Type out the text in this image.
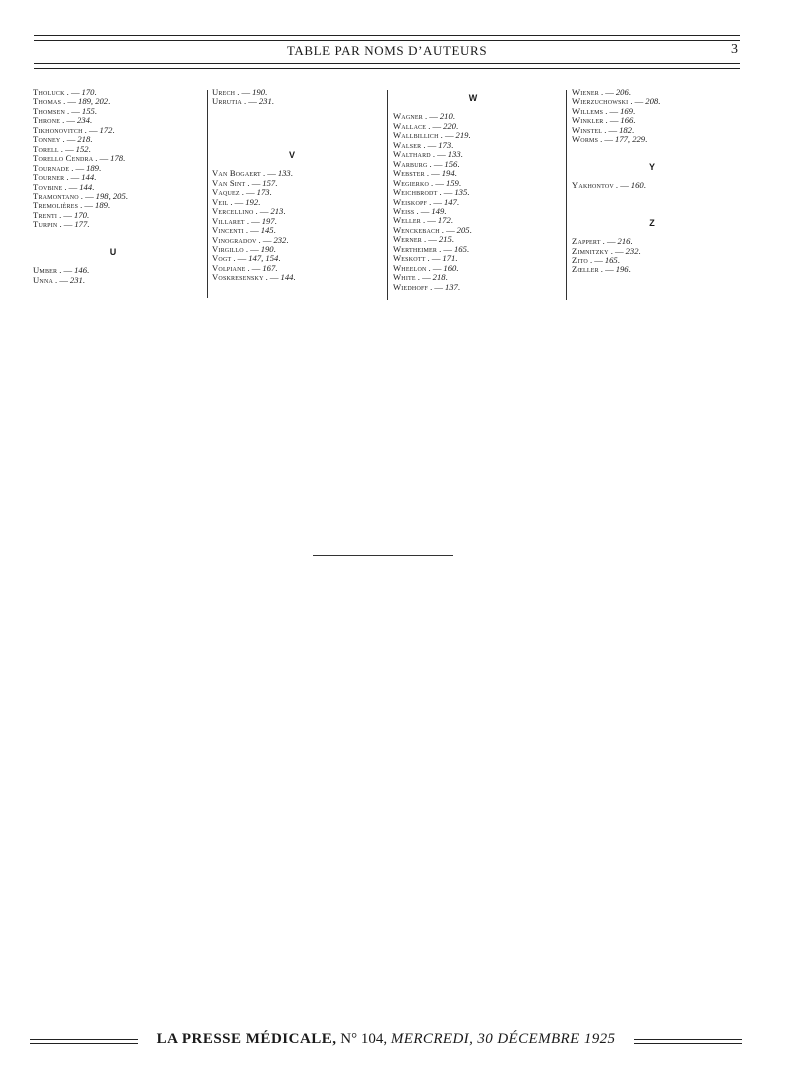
TABLE PAR NOMS D’AUTEURS	3
Tholuck . — 170.
Thomas . — 189, 202.
Thomsen . — 155.
Throne . — 234.
Tikhonovitch . — 172.
Tonney . — 218.
Torell . — 152.
Torello Cendra . — 178.
Tournade . — 189.
Tourner . — 144.
Tovbine . — 144.
Tramontano . — 198, 205.
Tremolières . — 189.
Trenti . — 170.
Turpin . — 177.
U
Umber . — 146.
Unna . — 231.
Urech . — 190.
Urrutia . — 231.
V
Van Bogaert . — 133.
Van Sint . — 157.
Vaquez . — 173.
Veil . — 192.
Vercellino . — 213.
Villaret . — 197.
Vincenti . — 145.
Vinogradov . — 232.
Virgillo . — 190.
Vogt . — 147, 154.
Volpiane . — 167.
Voskresensky . — 144.
W
Wagner . — 210.
Wallace . — 220.
Wallbillich . — 219.
Walser . — 173.
Walthard . — 133.
Warburg . — 156.
Webster . — 194.
Wegierko . — 159.
Weichbrodt . — 135.
Weiskopf . — 147.
Weiss . — 149.
Weller . — 172.
Wenckebach . — 205.
Werner . — 215.
Wertheimer . — 165.
Weskott . — 171.
Wheelon . — 160.
White . — 218.
Wiedhoff . — 137.
Wiener . — 206.
Wierzuchowski . — 208.
Willems . — 169.
Winkler . — 166.
Winstel . — 182.
Worms . — 177, 229.
Y
Yakhontov . — 160.
Z
Zappert . — 216.
Zimnitzky . — 232.
Zito . — 165.
Zœller . — 196.
LA PRESSE MÉDICALE, N° 104, MERCREDI, 30 DÉCEMBRE 1925
